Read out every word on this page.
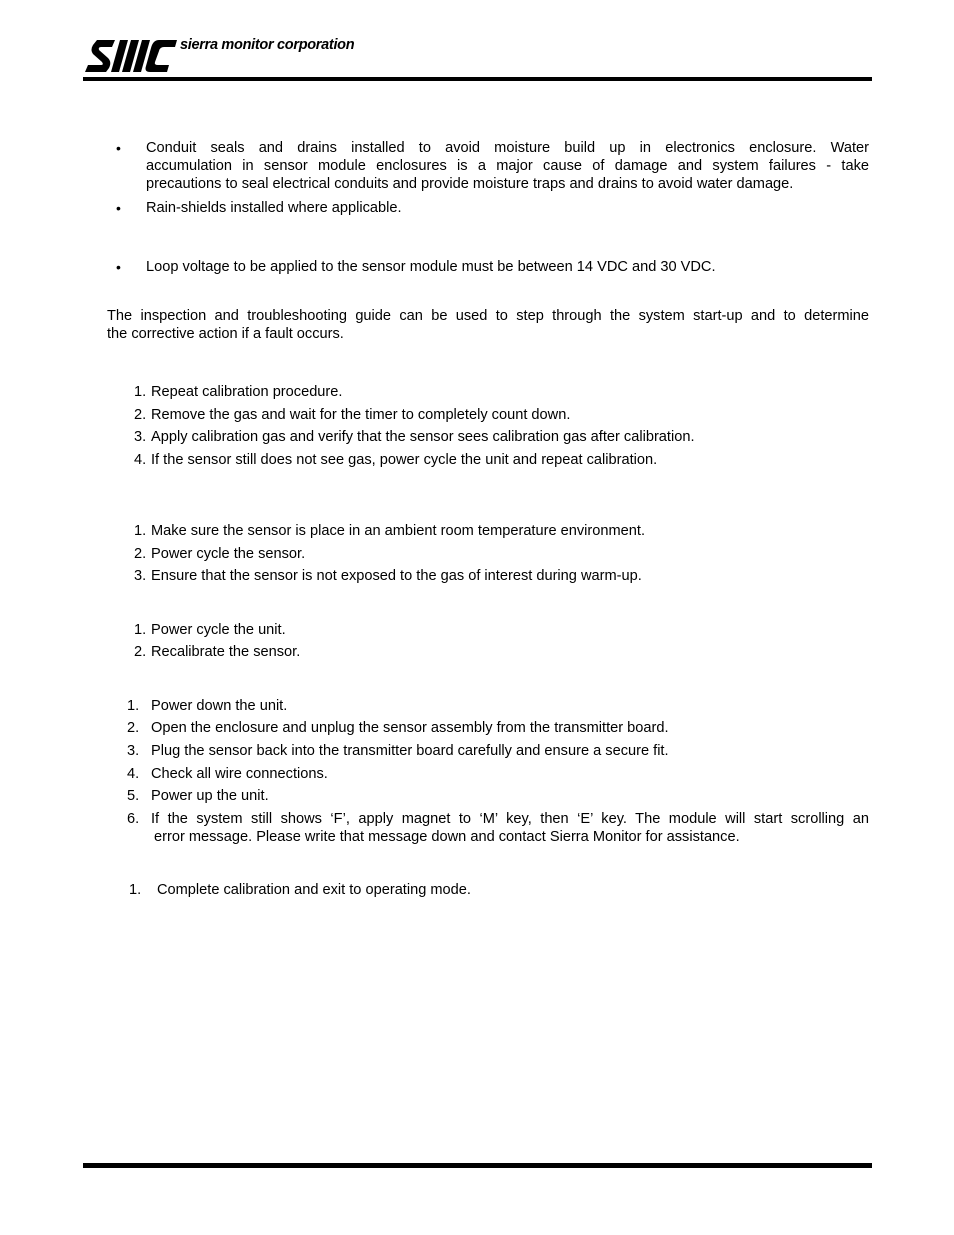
sierra monitor corporation
• Conduit seals and drains installed to avoid moisture build up in electronics enclosure. Water
accumulation in sensor module enclosures is a major cause of damage and system failures - take
precautions to seal electrical conduits and provide moisture traps and drains to avoid water damage.
• Rain-shields installed where applicable.
• Loop voltage to be applied to the sensor module must be between 14 VDC and 30 VDC.
The inspection and troubleshooting guide can be used to step through the system start-up and to determine
the corrective action if a fault occurs.
1. Repeat calibration procedure.
2. Remove the gas and wait for the timer to completely count down.
3. Apply calibration gas and verify that the sensor sees calibration gas after calibration.
4. If the sensor still does not see gas, power cycle the unit and repeat calibration.
1. Make sure the sensor is place in an ambient room temperature environment.
2. Power cycle the sensor.
3. Ensure that the sensor is not exposed to the gas of interest during warm-up.
1. Power cycle the unit.
2. Recalibrate the sensor.
1. Power down the unit.
2. Open the enclosure and unplug the sensor assembly from the transmitter board.
3. Plug the sensor back into the transmitter board carefully and ensure a secure fit.
4. Check all wire connections.
5. Power up the unit.
6. If the system still shows ‘F’, apply magnet to ‘M’ key, then ‘E’ key. The module will start scrolling an
error message. Please write that message down and contact Sierra Monitor for assistance.
1. Complete calibration and exit to operating mode.
